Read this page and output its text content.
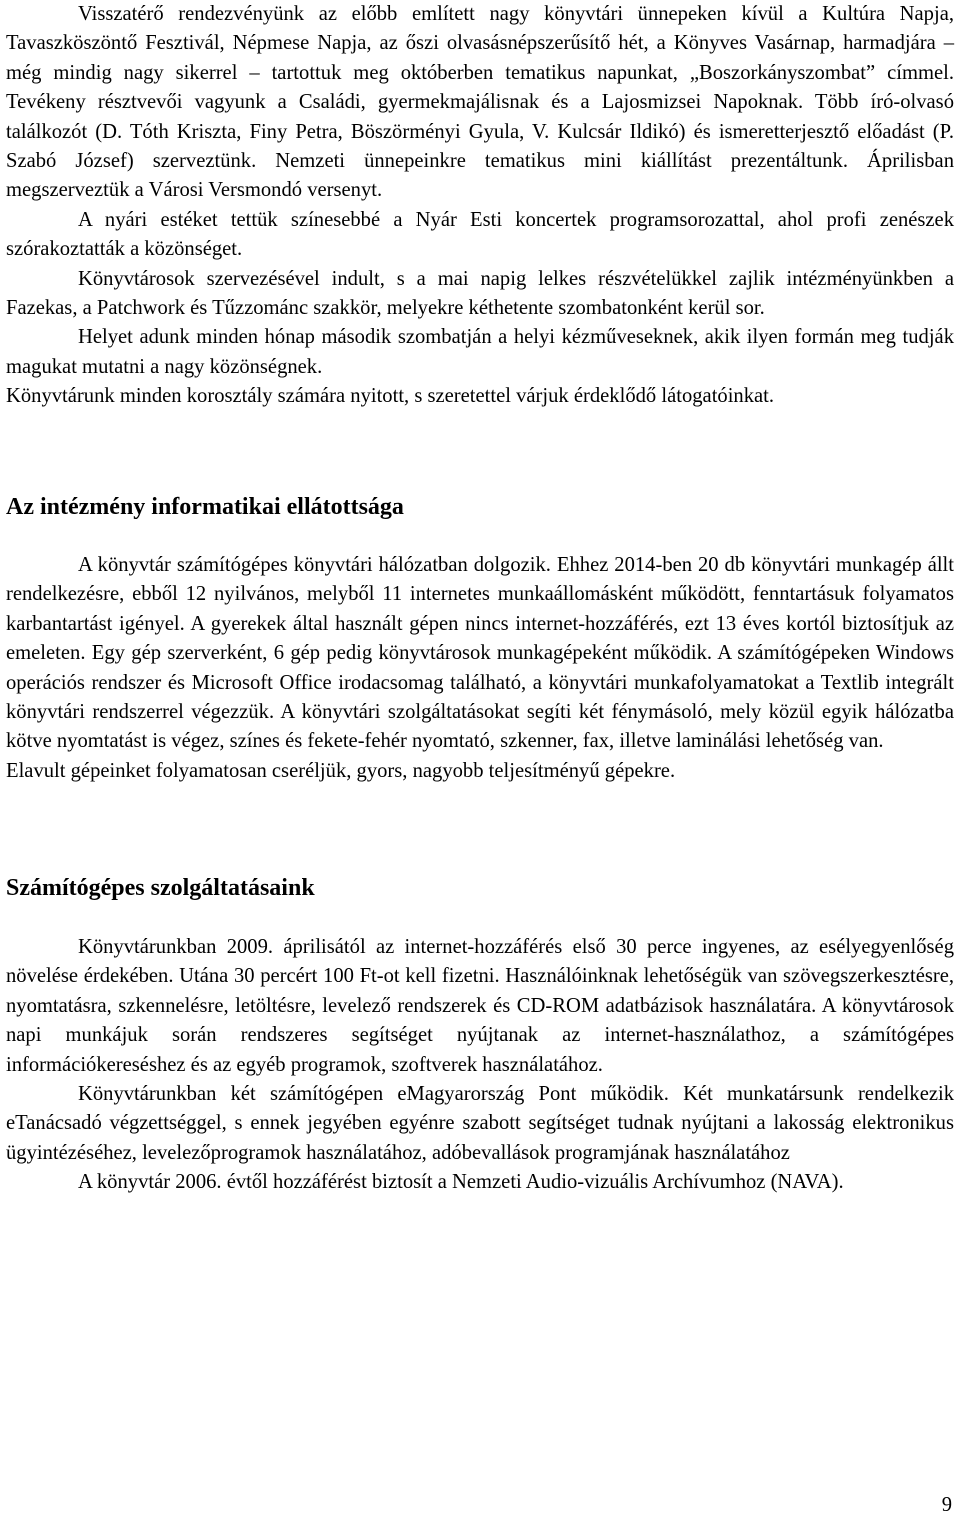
Visszatérő rendezvényünk az előbb említett nagy könyvtári ünnepeken kívül a Kultúra Napja, Tavaszköszöntő Fesztivál, Népmese Napja, az őszi olvasásnépszerűsítő hét, a Könyves Vasárnap, harmadjára – még mindig nagy sikerrel – tartottuk meg októberben tematikus napunkat, „Boszorkányszombat” címmel. Tevékeny résztvevői vagyunk a Családi, gyermekmajálisnak és a Lajosmizsei Napoknak. Több író-olvasó találkozót (D. Tóth Kriszta, Finy Petra, Böszörményi Gyula, V. Kulcsár Ildikó) és ismeretterjesztő előadást (P. Szabó József) szerveztünk. Nemzeti ünnepeinkre tematikus mini kiállítást prezentáltunk. Áprilisban megszerveztük a Városi Versmondó versenyt.

A nyári estéket tettük színesebbé a Nyár Esti koncertek programsorozattal, ahol profi zenészek szórakoztatták a közönséget.

Könyvtárosok szervezésével indult, s a mai napig lelkes részvételükkel zajlik intézményünkben a Fazekas, a Patchwork és Tűzzománc szakkör, melyekre kéthetente szombatonként kerül sor.

Helyet adunk minden hónap második szombatján a helyi kézműveseknek, akik ilyen formán meg tudják magukat mutatni a nagy közönségnek.

Könyvtárunk minden korosztály számára nyitott, s szeretettel várjuk érdeklődő látogatóinkat.

Az intézmény informatikai ellátottsága

A könyvtár számítógépes könyvtári hálózatban dolgozik. Ehhez 2014-ben 20 db könyvtári munkagép állt rendelkezésre, ebből 12 nyilvános, melyből 11 internetes munkaállomásként működött, fenntartásuk folyamatos karbantartást igényel. A gyerekek által használt gépen nincs internet-hozzáférés, ezt 13 éves kortól biztosítjuk az emeleten. Egy gép szerverként, 6 gép pedig könyvtárosok munkagépeként működik. A számítógépeken Windows operációs rendszer és Microsoft Office irodacsomag található, a könyvtári munkafolyamatokat a Textlib integrált könyvtári rendszerrel végezzük. A könyvtári szolgáltatásokat segíti két fénymásoló, mely közül egyik hálózatba kötve nyomtatást is végez, színes és fekete-fehér nyomtató, szkenner, fax, illetve laminálási lehetőség van.

Elavult gépeinket folyamatosan cseréljük, gyors, nagyobb teljesítményű gépekre.

Számítógépes szolgáltatásaink

Könyvtárunkban 2009. áprilisától az internet-hozzáférés első 30 perce ingyenes, az esélyegyenlőség növelése érdekében. Utána 30 percért 100 Ft-ot kell fizetni. Használóinknak lehetőségük van szövegszerkesztésre, nyomtatásra, szkennelésre, letöltésre, levelező rendszerek és CD-ROM adatbázisok használatára. A könyvtárosok napi munkájuk során rendszeres segítséget nyújtanak az internet-használathoz, a számítógépes információkereséshez és az egyéb programok, szoftverek használatához.

Könyvtárunkban két számítógépen eMagyarország Pont működik. Két munkatársunk rendelkezik eTanácsadó végzettséggel, s ennek jegyében egyénre szabott segítséget tudnak nyújtani a lakosság elektronikus ügyintézéséhez, levelezőprogramok használatához, adóbevallások programjának használatához

A könyvtár 2006. évtől hozzáférést biztosít a Nemzeti Audio-vizuális Archívumhoz (NAVA).

9
